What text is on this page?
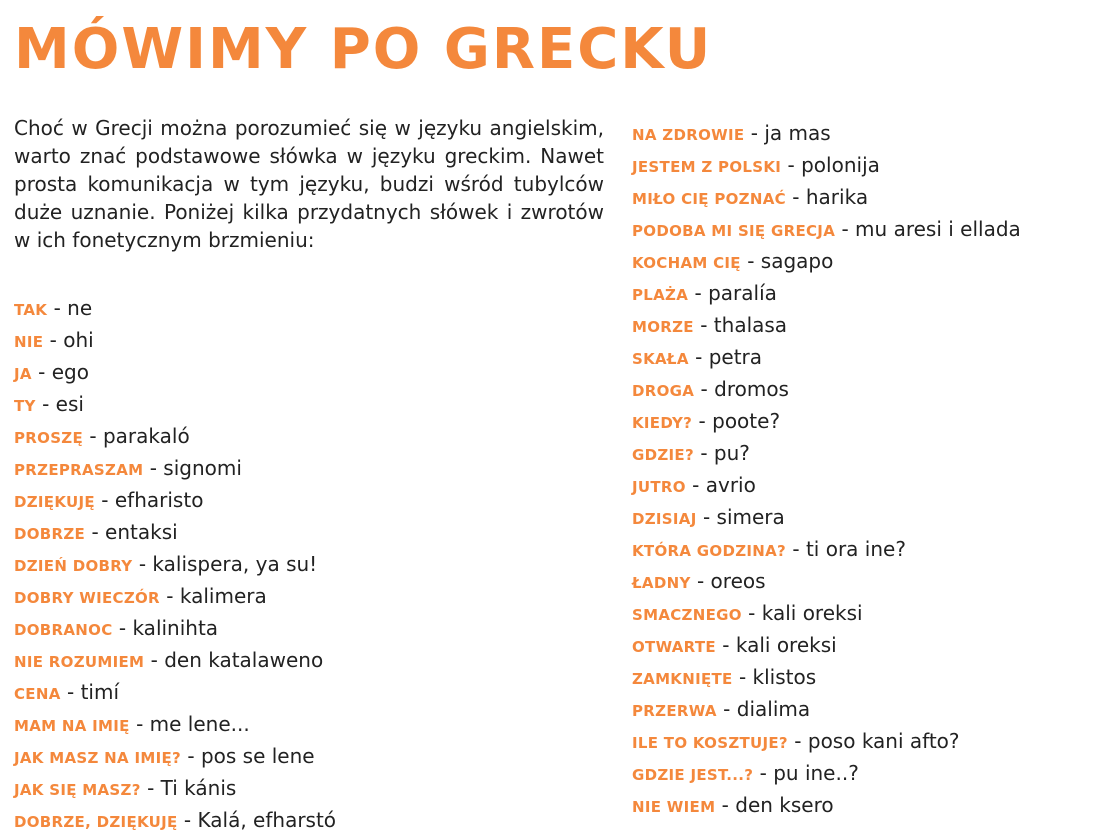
MÓWIMY PO GRECKU

Choć w Grecji można porozumieć się w języku angielskim, warto znać podstawowe słówka w języku greckim. Nawet prosta komunikacja w tym języku, budzi wśród tubylców duże uznanie. Poniżej kilka przydatnych słówek i zwrotów w ich fonetycznym brzmieniu:

TAK - ne
NIE - ohi
JA - ego
TY - esi
PROSZĘ - parakaló
PRZEPRASZAM - signomi
DZIĘKUJĘ - efharisto
DOBRZE - entaksi
DZIEŃ DOBRY - kalispera, ya su!
DOBRY WIECZÓR - kalimera
DOBRANOC - kalinihta
NIE ROZUMIEM - den katalaweno
CENA - timí
MAM NA IMIĘ - me lene...
JAK MASZ NA IMIĘ? - pos se lene
JAK SIĘ MASZ? - Ti kánis
DOBRZE, DZIĘKUJĘ - Kalá, efharstó
NA ZDROWIE - ja mas
JESTEM Z POLSKI - polonija
MIŁO CIĘ POZNAĆ - harika
PODOBA MI SIĘ GRECJA - mu aresi i ellada
KOCHAM CIĘ - sagapo
PLAŻA - paralía
MORZE - thalasa
SKAŁA - petra
DROGA - dromos
KIEDY? - poote?
GDZIE? - pu?
JUTRO - avrio
DZISIAJ - simera
KTÓRA GODZINA? - ti ora ine?
ŁADNY - oreos
SMACZNEGO - kali oreksi
OTWARTE - kali oreksi
ZAMKNIĘTE - klistos
PRZERWA - dialima
ILE TO KOSZTUJE? - poso kani afto?
GDZIE JEST...? - pu ine..?
NIE WIEM - den ksero
